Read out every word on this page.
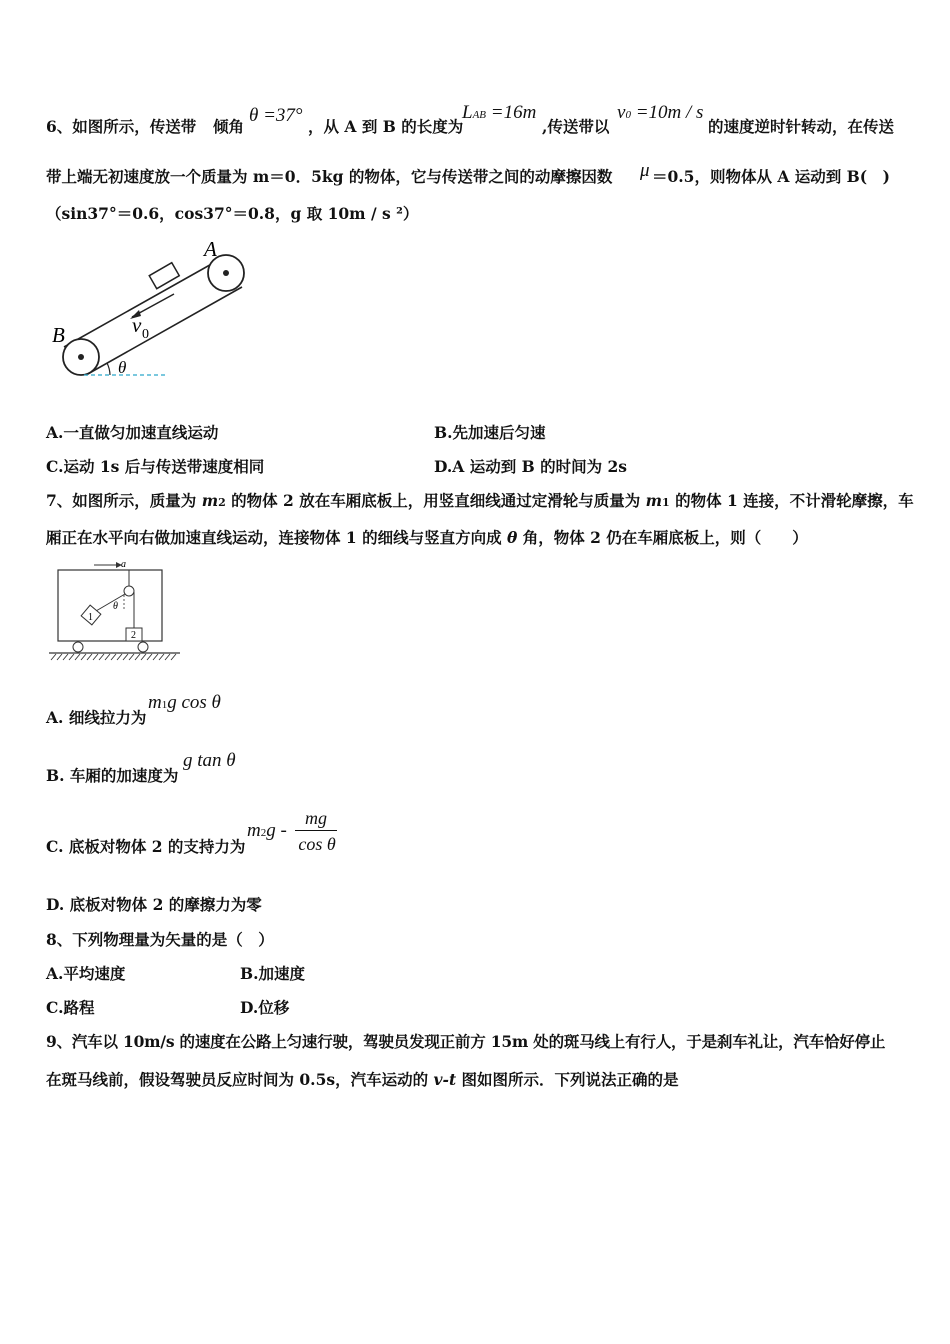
6、如图所示，传送带 倾角
θ =37°
，从 A 到 B 的长度为
LAB =16m
,传送带以
v0 =10m / s
的速度逆时针转动，在传送
带上端无初速度放一个质量为 m＝0．5kg 的物体，它与传送带之间的动摩擦因数 μ ＝0.5，则物体从 A 运动到 B(　)
（sin37°＝0.6，cos37°＝0.8，g 取 10m / s ²）
A
B	v 0
θ
A.一直做匀加速直线运动	B.先加速后匀速
C.运动 1s 后与传送带速度相同	D.A 运动到 B 的时间为 2s
7、如图所示，质量为 m2 的物体 2 放在车厢底板上，用竖直细线通过定滑轮与质量为 m1 的物体 1 连接，不计滑轮摩擦，车
厢正在水平向右做加速直线运动，连接物体 1 的细线与竖直方向成 θ 角，物体 2 仍在车厢底板上，则（　　）
a
θ
1
2
A. 细线拉力为
m1g cos θ
B. 车厢的加速度为
g tan θ
C. 底板对物体 2 的支持力为
m2g -
mg
cos θ
D. 底板对物体 2 的摩擦力为零
8、下列物理量为矢量的是（　）
A.平均速度	B.加速度
C.路程	D.位移
9、汽车以 10m/s 的速度在公路上匀速行驶，驾驶员发现正前方 15m 处的斑马线上有行人，于是刹车礼让，汽车恰好停止
在斑马线前，假设驾驶员反应时间为 0.5s，汽车运动的 v-t 图如图所示．下列说法正确的是
